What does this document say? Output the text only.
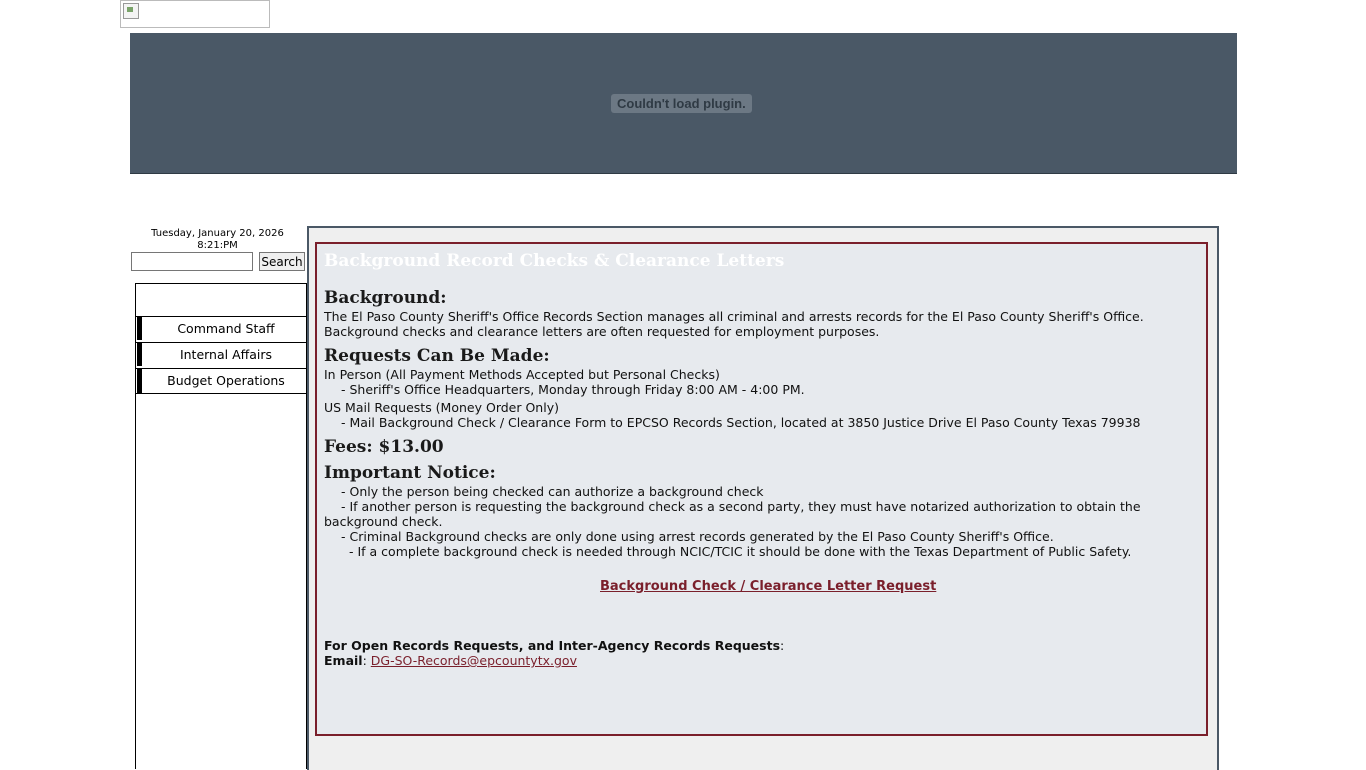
Couldn't load plugin.
Tuesday, January 20, 2026
8:21:PM
Search
Command Staff
Internal Affairs
Budget Operations
Background Record Checks & Clearance Letters
Background:
The El Paso County Sheriff's Office Records Section manages all criminal and arrests records for the El Paso County Sheriff's Office.
Background checks and clearance letters are often requested for employment purposes.
Requests Can Be Made:
In Person (All Payment Methods Accepted but Personal Checks)
- Sheriff's Office Headquarters, Monday through Friday 8:00 AM - 4:00 PM.
US Mail Requests (Money Order Only)
- Mail Background Check / Clearance Form to EPCSO Records Section, located at 3850 Justice Drive El Paso County Texas 79938
Fees: $13.00
Important Notice:
- Only the person being checked can authorize a background check
- If another person is requesting the background check as a second party, they must have notarized authorization to obtain the
background check.
- Criminal Background checks are only done using arrest records generated by the El Paso County Sheriff's Office.
- If a complete background check is needed through NCIC/TCIC it should be done with the Texas Department of Public Safety.
Background Check / Clearance Letter Request
For Open Records Requests, and Inter-Agency Records Requests:
Email: DG-SO-Records@epcountytx.gov
